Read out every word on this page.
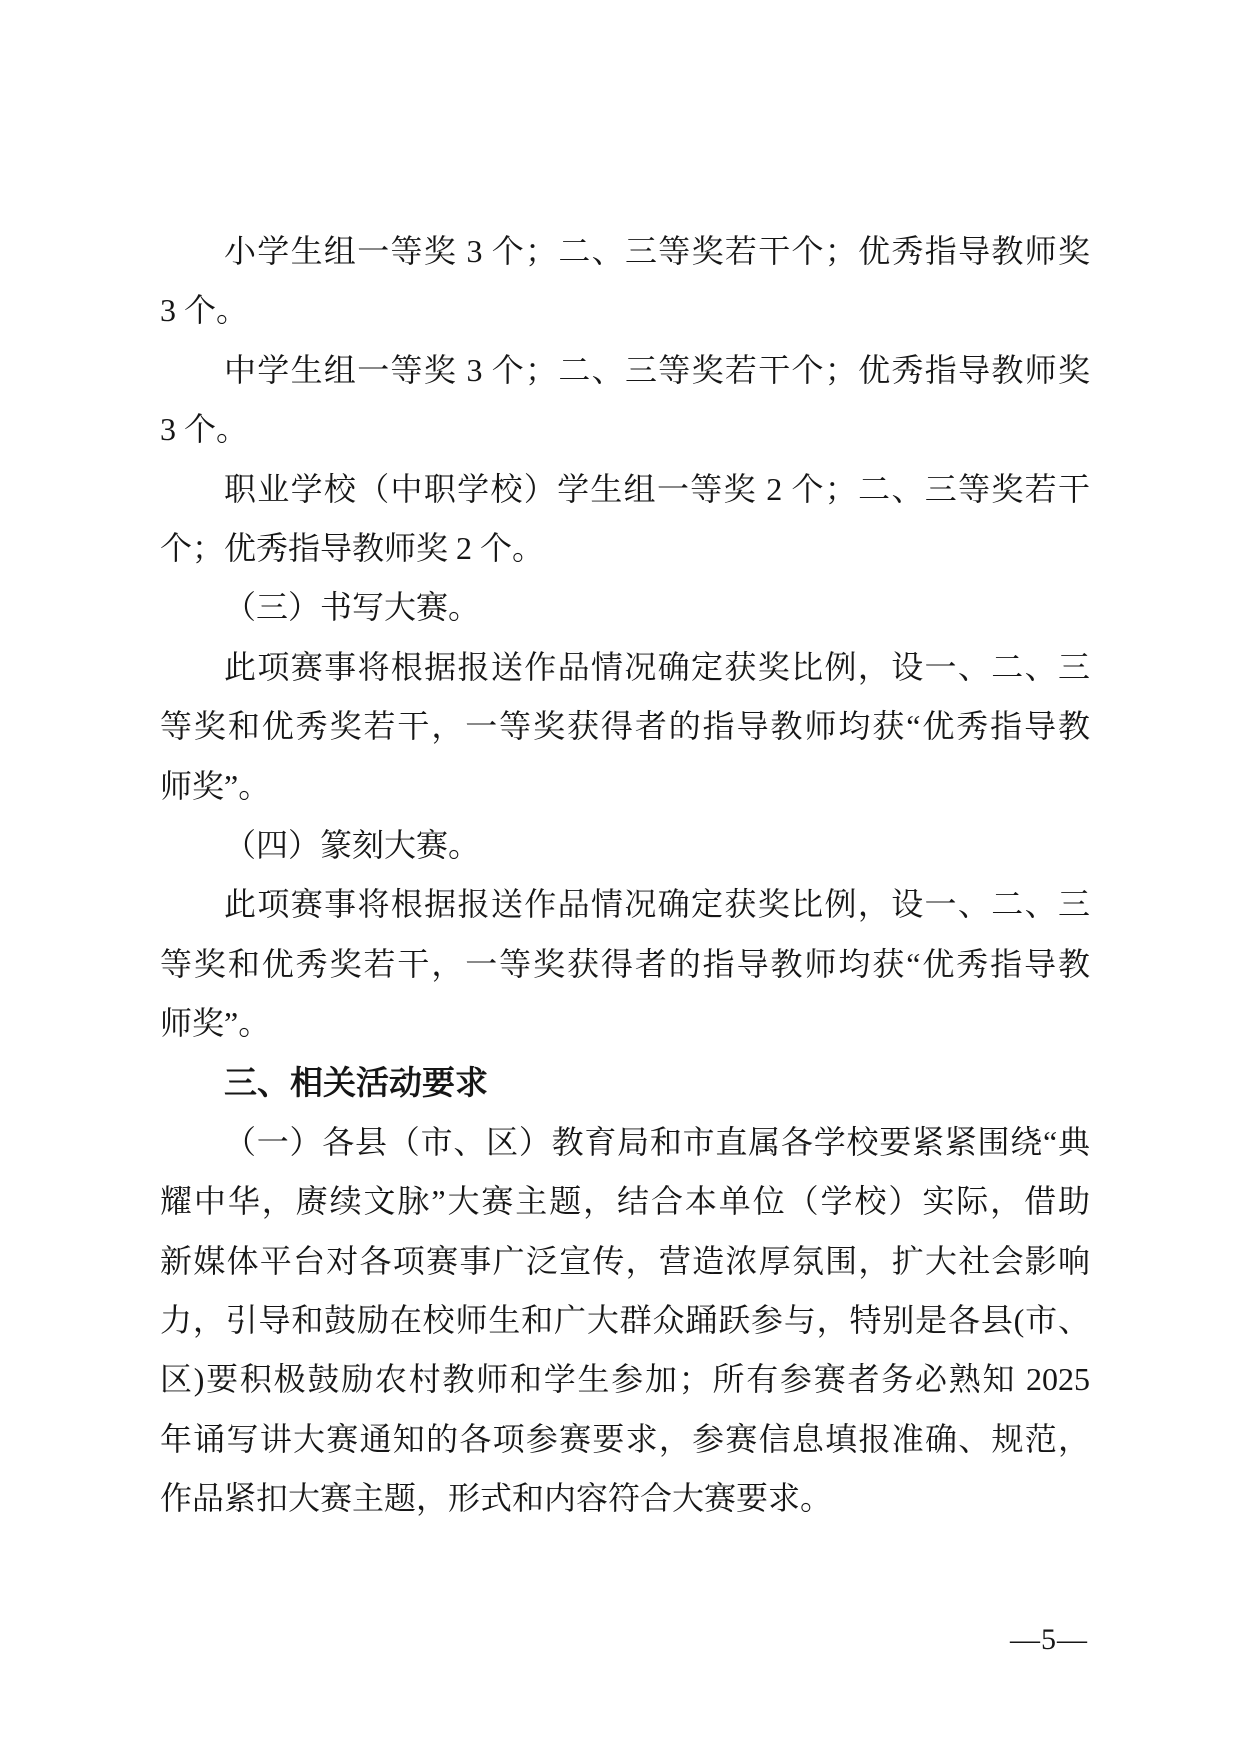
小学生组一等奖 3 个；二、三等奖若干个；优秀指导教师奖
3 个。
中学生组一等奖 3 个；二、三等奖若干个；优秀指导教师奖
3 个。
职业学校（中职学校）学生组一等奖 2 个；二、三等奖若干
个；优秀指导教师奖 2 个。
（三）书写大赛。
此项赛事将根据报送作品情况确定获奖比例，设一、二、三
等奖和优秀奖若干，一等奖获得者的指导教师均获“优秀指导教
师奖”。
（四）篆刻大赛。
此项赛事将根据报送作品情况确定获奖比例，设一、二、三
等奖和优秀奖若干，一等奖获得者的指导教师均获“优秀指导教
师奖”。
三、相关活动要求
（一）各县（市、区）教育局和市直属各学校要紧紧围绕“典
耀中华，赓续文脉”大赛主题，结合本单位（学校）实际，借助
新媒体平台对各项赛事广泛宣传，营造浓厚氛围，扩大社会影响
力，引导和鼓励在校师生和广大群众踊跃参与，特别是各县(市、
区)要积极鼓励农村教师和学生参加；所有参赛者务必熟知 2025
年诵写讲大赛通知的各项参赛要求，参赛信息填报准确、规范，
作品紧扣大赛主题，形式和内容符合大赛要求。
—5—
